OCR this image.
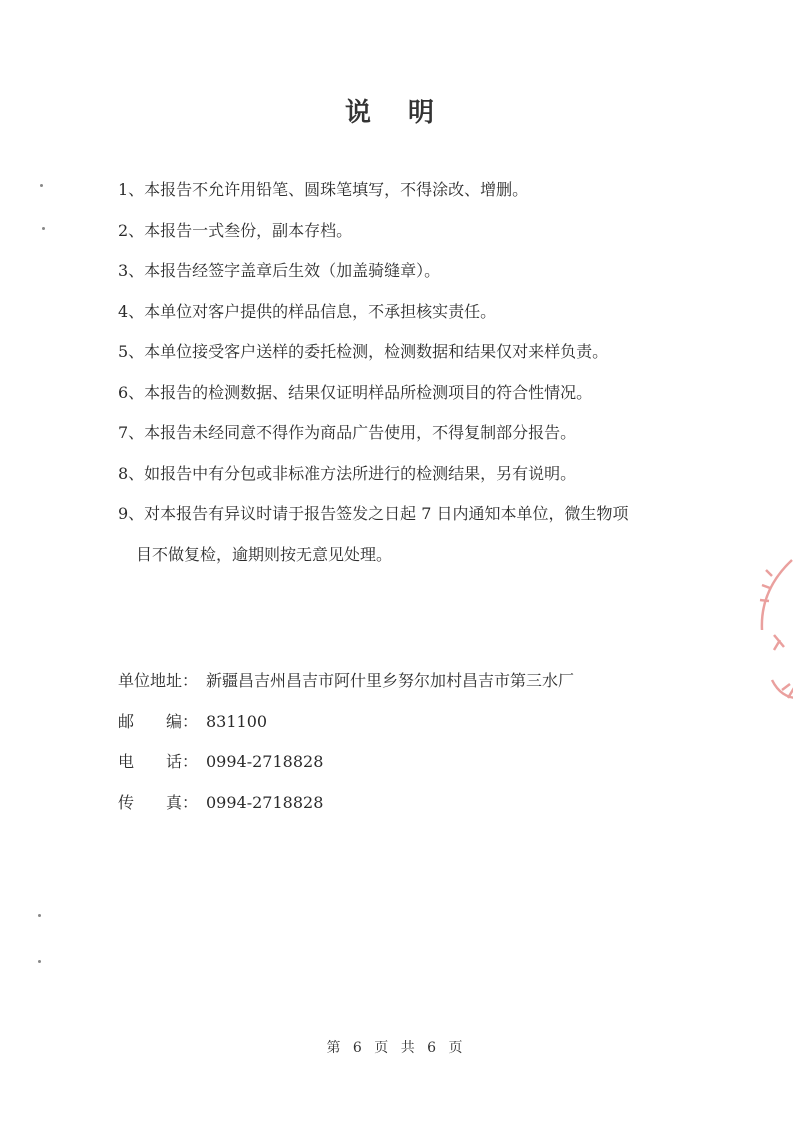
说 明
1、本报告不允许用铅笔、圆珠笔填写，不得涂改、增删。
2、本报告一式叁份，副本存档。
3、本报告经签字盖章后生效（加盖骑缝章）。
4、本单位对客户提供的样品信息，不承担核实责任。
5、本单位接受客户送样的委托检测，检测数据和结果仅对来样负责。
6、本报告的检测数据、结果仅证明样品所检测项目的符合性情况。
7、本报告未经同意不得作为商品广告使用，不得复制部分报告。
8、如报告中有分包或非标准方法所进行的检测结果，另有说明。
9、对本报告有异议时请于报告签发之日起 7 日内通知本单位，微生物项
目不做复检，逾期则按无意见处理。
单位地址： 新疆昌吉州昌吉市阿什里乡努尔加村昌吉市第三水厂
邮 编： 831100
电 话： 0994-2718828
传 真： 0994-2718828
第 6 页 共 6 页
